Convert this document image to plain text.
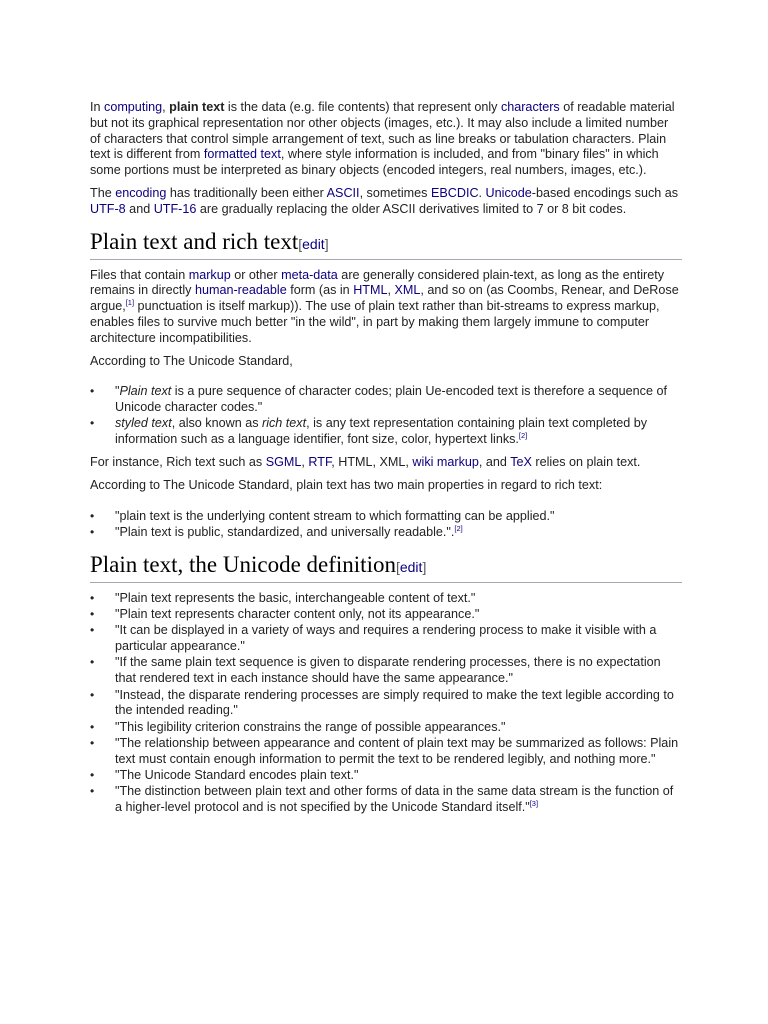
In computing, plain text is the data (e.g. file contents) that represent only characters of readable material but not its graphical representation nor other objects (images, etc.). It may also include a limited number of characters that control simple arrangement of text, such as line breaks or tabulation characters. Plain text is different from formatted text, where style information is included, and from "binary files" in which some portions must be interpreted as binary objects (encoded integers, real numbers, images, etc.).

The encoding has traditionally been either ASCII, sometimes EBCDIC. Unicode-based encodings such as UTF-8 and UTF-16 are gradually replacing the older ASCII derivatives limited to 7 or 8 bit codes.

Plain text and rich text[edit]

Files that contain markup or other meta-data are generally considered plain-text, as long as the entirety remains in directly human-readable form (as in HTML, XML, and so on (as Coombs, Renear, and DeRose argue,[1] punctuation is itself markup)). The use of plain text rather than bit-streams to express markup, enables files to survive much better "in the wild", in part by making them largely immune to computer architecture incompatibilities.

According to The Unicode Standard,

•	"Plain text is a pure sequence of character codes; plain Ue-encoded text is therefore a sequence of Unicode character codes."
•	styled text, also known as rich text, is any text representation containing plain text completed by information such as a language identifier, font size, color, hypertext links.[2]

For instance, Rich text such as SGML, RTF, HTML, XML, wiki markup, and TeX relies on plain text.

According to The Unicode Standard, plain text has two main properties in regard to rich text:

•	"plain text is the underlying content stream to which formatting can be applied."
•	"Plain text is public, standardized, and universally readable.".[2]
Plain text, the Unicode definition[edit]
•	"Plain text represents the basic, interchangeable content of text."
•	"Plain text represents character content only, not its appearance."
•	"It can be displayed in a variety of ways and requires a rendering process to make it visible with a particular appearance."
•	"If the same plain text sequence is given to disparate rendering processes, there is no expectation that rendered text in each instance should have the same appearance."
•	"Instead, the disparate rendering processes are simply required to make the text legible according to the intended reading."
•	"This legibility criterion constrains the range of possible appearances."
•	"The relationship between appearance and content of plain text may be summarized as follows: Plain text must contain enough information to permit the text to be rendered legibly, and nothing more."
•	"The Unicode Standard encodes plain text."
•	"The distinction between plain text and other forms of data in the same data stream is the function of a higher-level protocol and is not specified by the Unicode Standard itself."[3]
